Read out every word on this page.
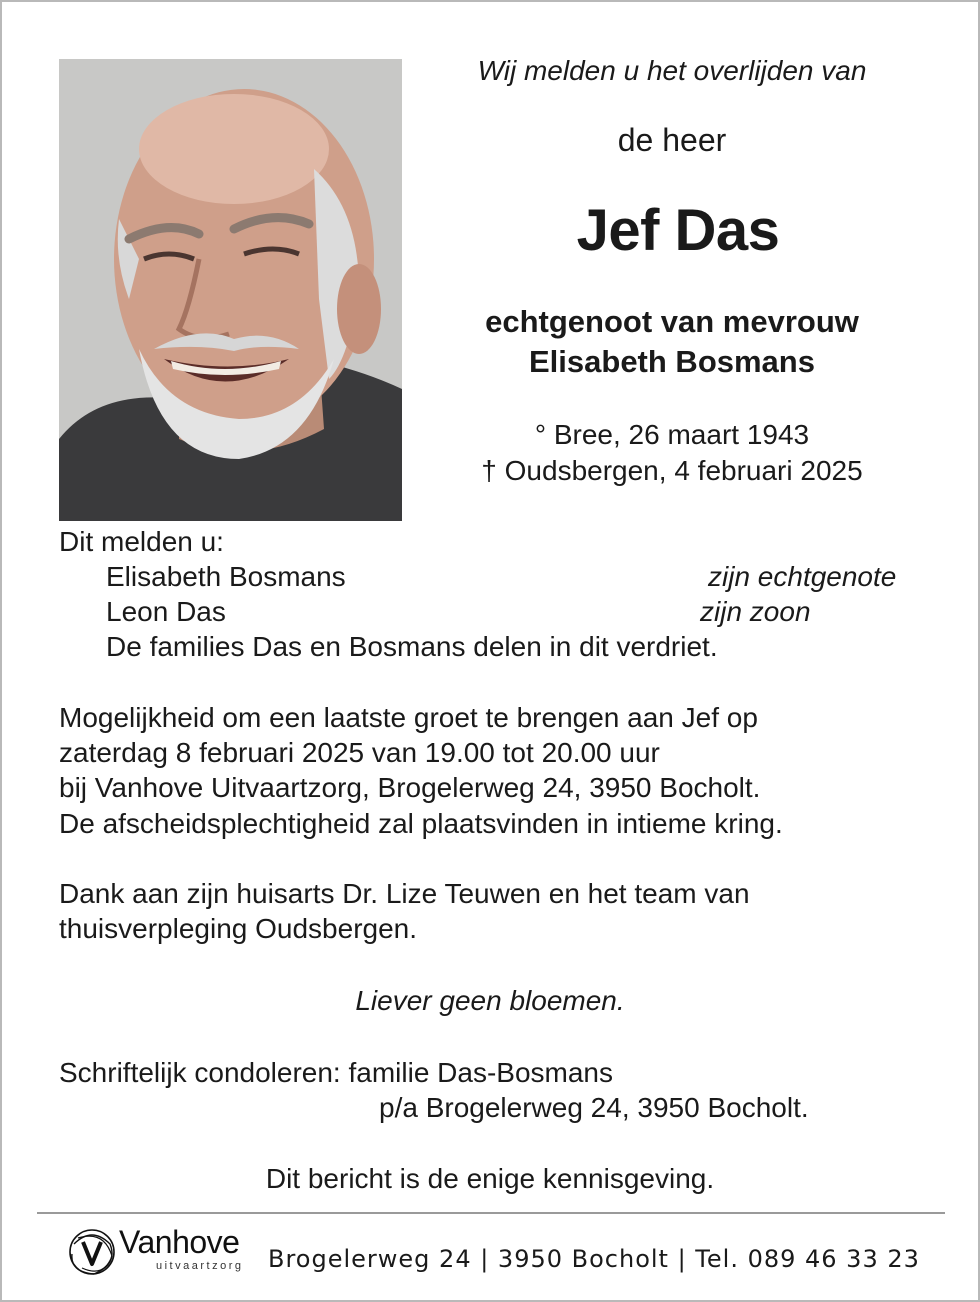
Wij melden u het overlijden van
de heer
Jef Das
echtgenoot van mevrouw
Elisabeth Bosmans
° Bree, 26 maart 1943
† Oudsbergen, 4 februari 2025
Dit melden u:
Elisabeth Bosmans	zijn echtgenote
Leon Das	zijn zoon
De families Das en Bosmans delen in dit verdriet.
Mogelijkheid om een laatste groet te brengen aan Jef op
zaterdag 8 februari 2025 van 19.00 tot 20.00 uur
bij Vanhove Uitvaartzorg, Brogelerweg 24, 3950 Bocholt.
De afscheidsplechtigheid zal plaatsvinden in intieme kring.
Dank aan zijn huisarts Dr. Lize Teuwen en het team van
thuisverpleging Oudsbergen.
Liever geen bloemen.
Schriftelijk condoleren: familie Das-Bosmans
p/a Brogelerweg 24, 3950 Bocholt.
Dit bericht is de enige kennisgeving.
Vanhove
uitvaartzorg Brogelerweg 24 | 3950 Bocholt | Tel. 089 46 33 23
